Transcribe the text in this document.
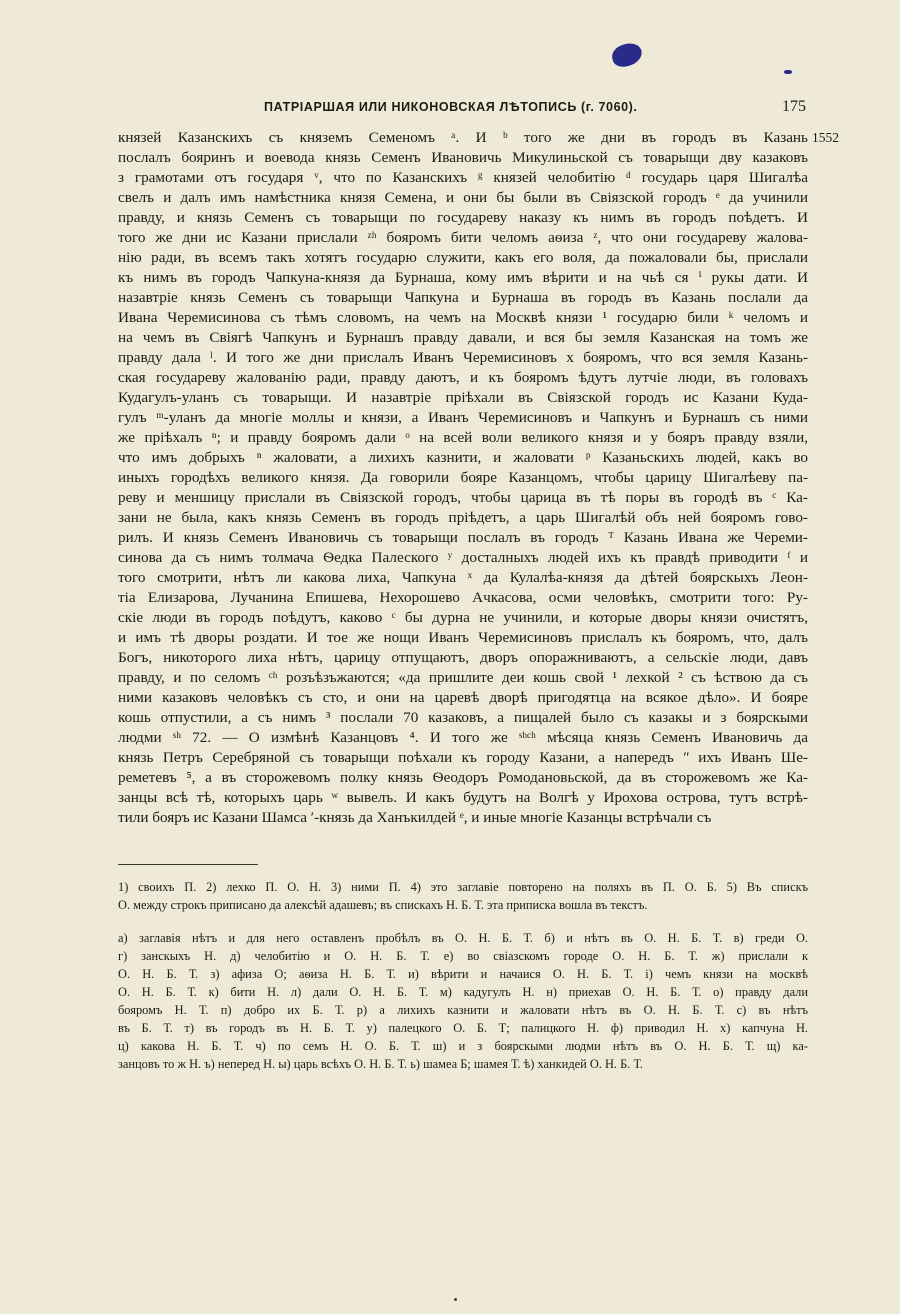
ПАТРІАРШАЯ ИЛИ НИКОНОВСКАЯ ЛѢТОПИСЬ (г. 7060).	175
1552
князей Казанскихъ съ княземъ Семеномъ ᵃ. И ᵇ того же дни въ городъ въ Казань
послалъ бояринъ и воевода князь Семенъ Ивановичь Микулиньской съ товарыщи двy казаковъ
з грамотами отъ государя ᵛ, что по Казанскихъ ᵍ князей челобитію ᵈ государь царя Шигалѣа
свелъ и далъ имъ намѣстника князя Семена, и они бы были въ Свіязской городъ ᵉ да учинили
правду, и князь Семенъ съ товарыщи по государеву наказу къ нимъ въ городъ поѣдетъ. И
того же дни ис Казани прислали ᶻʰ бояромъ бити челомъ аѳиза ᶻ, что они государеву жалова-
нію ради, въ всемъ такъ хотятъ государю служити, какъ его воля, да пожаловали бы, прислали
къ нимъ въ городъ Чапкуна-князя да Бурнаша, кому имъ вѣрити и на чьѣ ся ⁱ рукы дати. И
назавтріе князь Семенъ съ товарыщи Чапкуна и Бурнаша въ городъ въ Казань послали да
Ивана Черемисинова съ тѣмъ словомъ, на чемъ на Москвѣ князи ¹ государю били ᵏ челомъ и
на чемъ въ Свіягѣ Чапкунъ и Бурнашъ правду давали, и вся бы земля Казанская на томъ же
правду дала ˡ. И того же дни прислалъ Иванъ Черемисиновъ х бояромъ, что вся земля Казань-
ская государеву жалованію ради, правду даютъ, и къ бояромъ ѣдутъ лутчіе люди, въ головахъ
Кудагулъ-уланъ съ товарыщи. И назавтріе пріѣхали въ Свіязской городъ ис Казани Куда-
гулъ ᵐ-уланъ да многіе моллы и князи, а Иванъ Черемисиновъ и Чапкунъ и Бурнашъ съ ними
же пріѣхалъ ⁿ; и правду бояромъ дали ᵒ на всей воли великого князя и у бояръ правду взяли,
что имъ добрыхъ ⁿ жаловати, а лихихъ казнити, и жаловати ᵖ Казаньскихъ людей, какъ во
иныхъ городѣхъ великого князя. Да говорили бояре Казанцомъ, чтобы царицу Шигалѣеву па-
реву и меншицу прислали въ Свіязской городъ, чтобы царица въ тѣ поры въ городѣ въ ᶜ Ка-
зани не была, какъ князь Семенъ въ городъ пріѣдетъ, а царь Шигалѣй объ ней бояромъ гово-
рилъ. И князь Семенъ Ивановичь съ товарыщи послалъ въ городъ ᵀ Казань Ивана же Череми-
синова да съ нимъ толмача Ѳедка Палеского ʸ досталныхъ людей ихъ къ правдѣ приводити ᶠ и
того смотрити, нѣтъ ли какова лиха, Чапкуна ˣ да Кулалѣа-князя да дѣтей боярскыхъ Леон-
тіа Елизарова, Лучанина Епишева, Нехорошево Ачкасова, осми человѣкъ, смотрити того: Ру-
скіе люди въ городъ поѣдутъ, каково ᶜ бы дурна не учинили, и которые дворы князи очистятъ,
и имъ тѣ дворы роздати. И тое же нощи Иванъ Черемисиновъ прислалъ къ бояромъ, что, далъ
Богъ, никоторого лиха нѣтъ, царицу отпущаютъ, дворъ опоражниваютъ, а сельскіе люди, давъ
правду, и по селомъ ᶜʰ розъѣзъжаются; «да пришлите деи кошь свой ¹ лехкой ² съ ѣствою да съ
ними казаковъ человѣкъ съ сто, и они на царевѣ дворѣ пригодятца на всякое дѣло». И бояре
кошь отпустили, а съ нимъ ³ послали 70 казаковъ, а пищалей было съ казакы и з боярскыми
людми ˢʰ 72. — О измѣнѣ Казанцовъ ⁴. И того же ˢʰᶜʰ мѣсяца князь Семенъ Ивановичь да
князь Петръ Серебряной съ товарыщи поѣхали къ городу Казани, а напередъ ʺ ихъ Иванъ Ше-
реметевъ ⁵, а въ сторожевомъ полку князь Ѳеодоръ Ромодановьской, да въ сторожевомъ же Ка-
занцы всѣ тѣ, которыхъ царь ʷ вывелъ. И какъ будутъ на Волгѣ у Ирохова острова, тутъ встрѣ-
тили бояръ ис Казани Шамса ʹ-князь да Ханъкилдей ᵉ, и иные многіе Казанцы встрѣчали съ
1) своихъ П. 2) лехко П. О. Н. 3) ними П. 4) это заглавіе повторено на поляхъ въ П. О. Б. 5) Въ спискъ
О. между строкъ приписано да алексѣй адашевъ; въ спискахъ Н. Б. Т. эта приписка вошла въ текстъ.
а) заглавія нѣтъ и для него оставленъ пробѣлъ въ О. Н. Б. Т. б) и нѣтъ въ О. Н. Б. Т. в) греди О.
г) занскыхъ Н. д) челобитію и О. Н. Б. Т. е) во свіазскомъ городе О. Н. Б. Т. ж) прислали к
О. Н. Б. Т. з) афиза О; аѳиза Н. Б. Т. и) вѣрити и начаися О. Н. Б. Т. і) чемъ князи на москвѣ
О. Н. Б. Т. к) бити Н. л) дали О. Н. Б. Т. м) кадугулъ Н. н) приехав О. Н. Б. Т. о) правду дали
бояромъ Н. Т. п) добро их Б. Т. р) а лихихъ казнити и жаловати нѣтъ въ О. Н. Б. Т. с) въ нѣтъ
въ Б. Т. т) въ городъ въ Н. Б. Т. у) палецкого О. Б. Т; палицкого Н. ф) приводил Н. х) капчуна Н.
ц) какова Н. Б. Т. ч) по семъ Н. О. Б. Т. ш) и з боярскыми людми нѣтъ въ О. Н. Б. Т. щ) ка-
занцовъ то ж Н. ъ) неперед Н. ы) царь всѣхъ О. Н. Б. Т. ь) шамеа Б; шамея Т. ѣ) ханкидей О. Н. Б. Т.
